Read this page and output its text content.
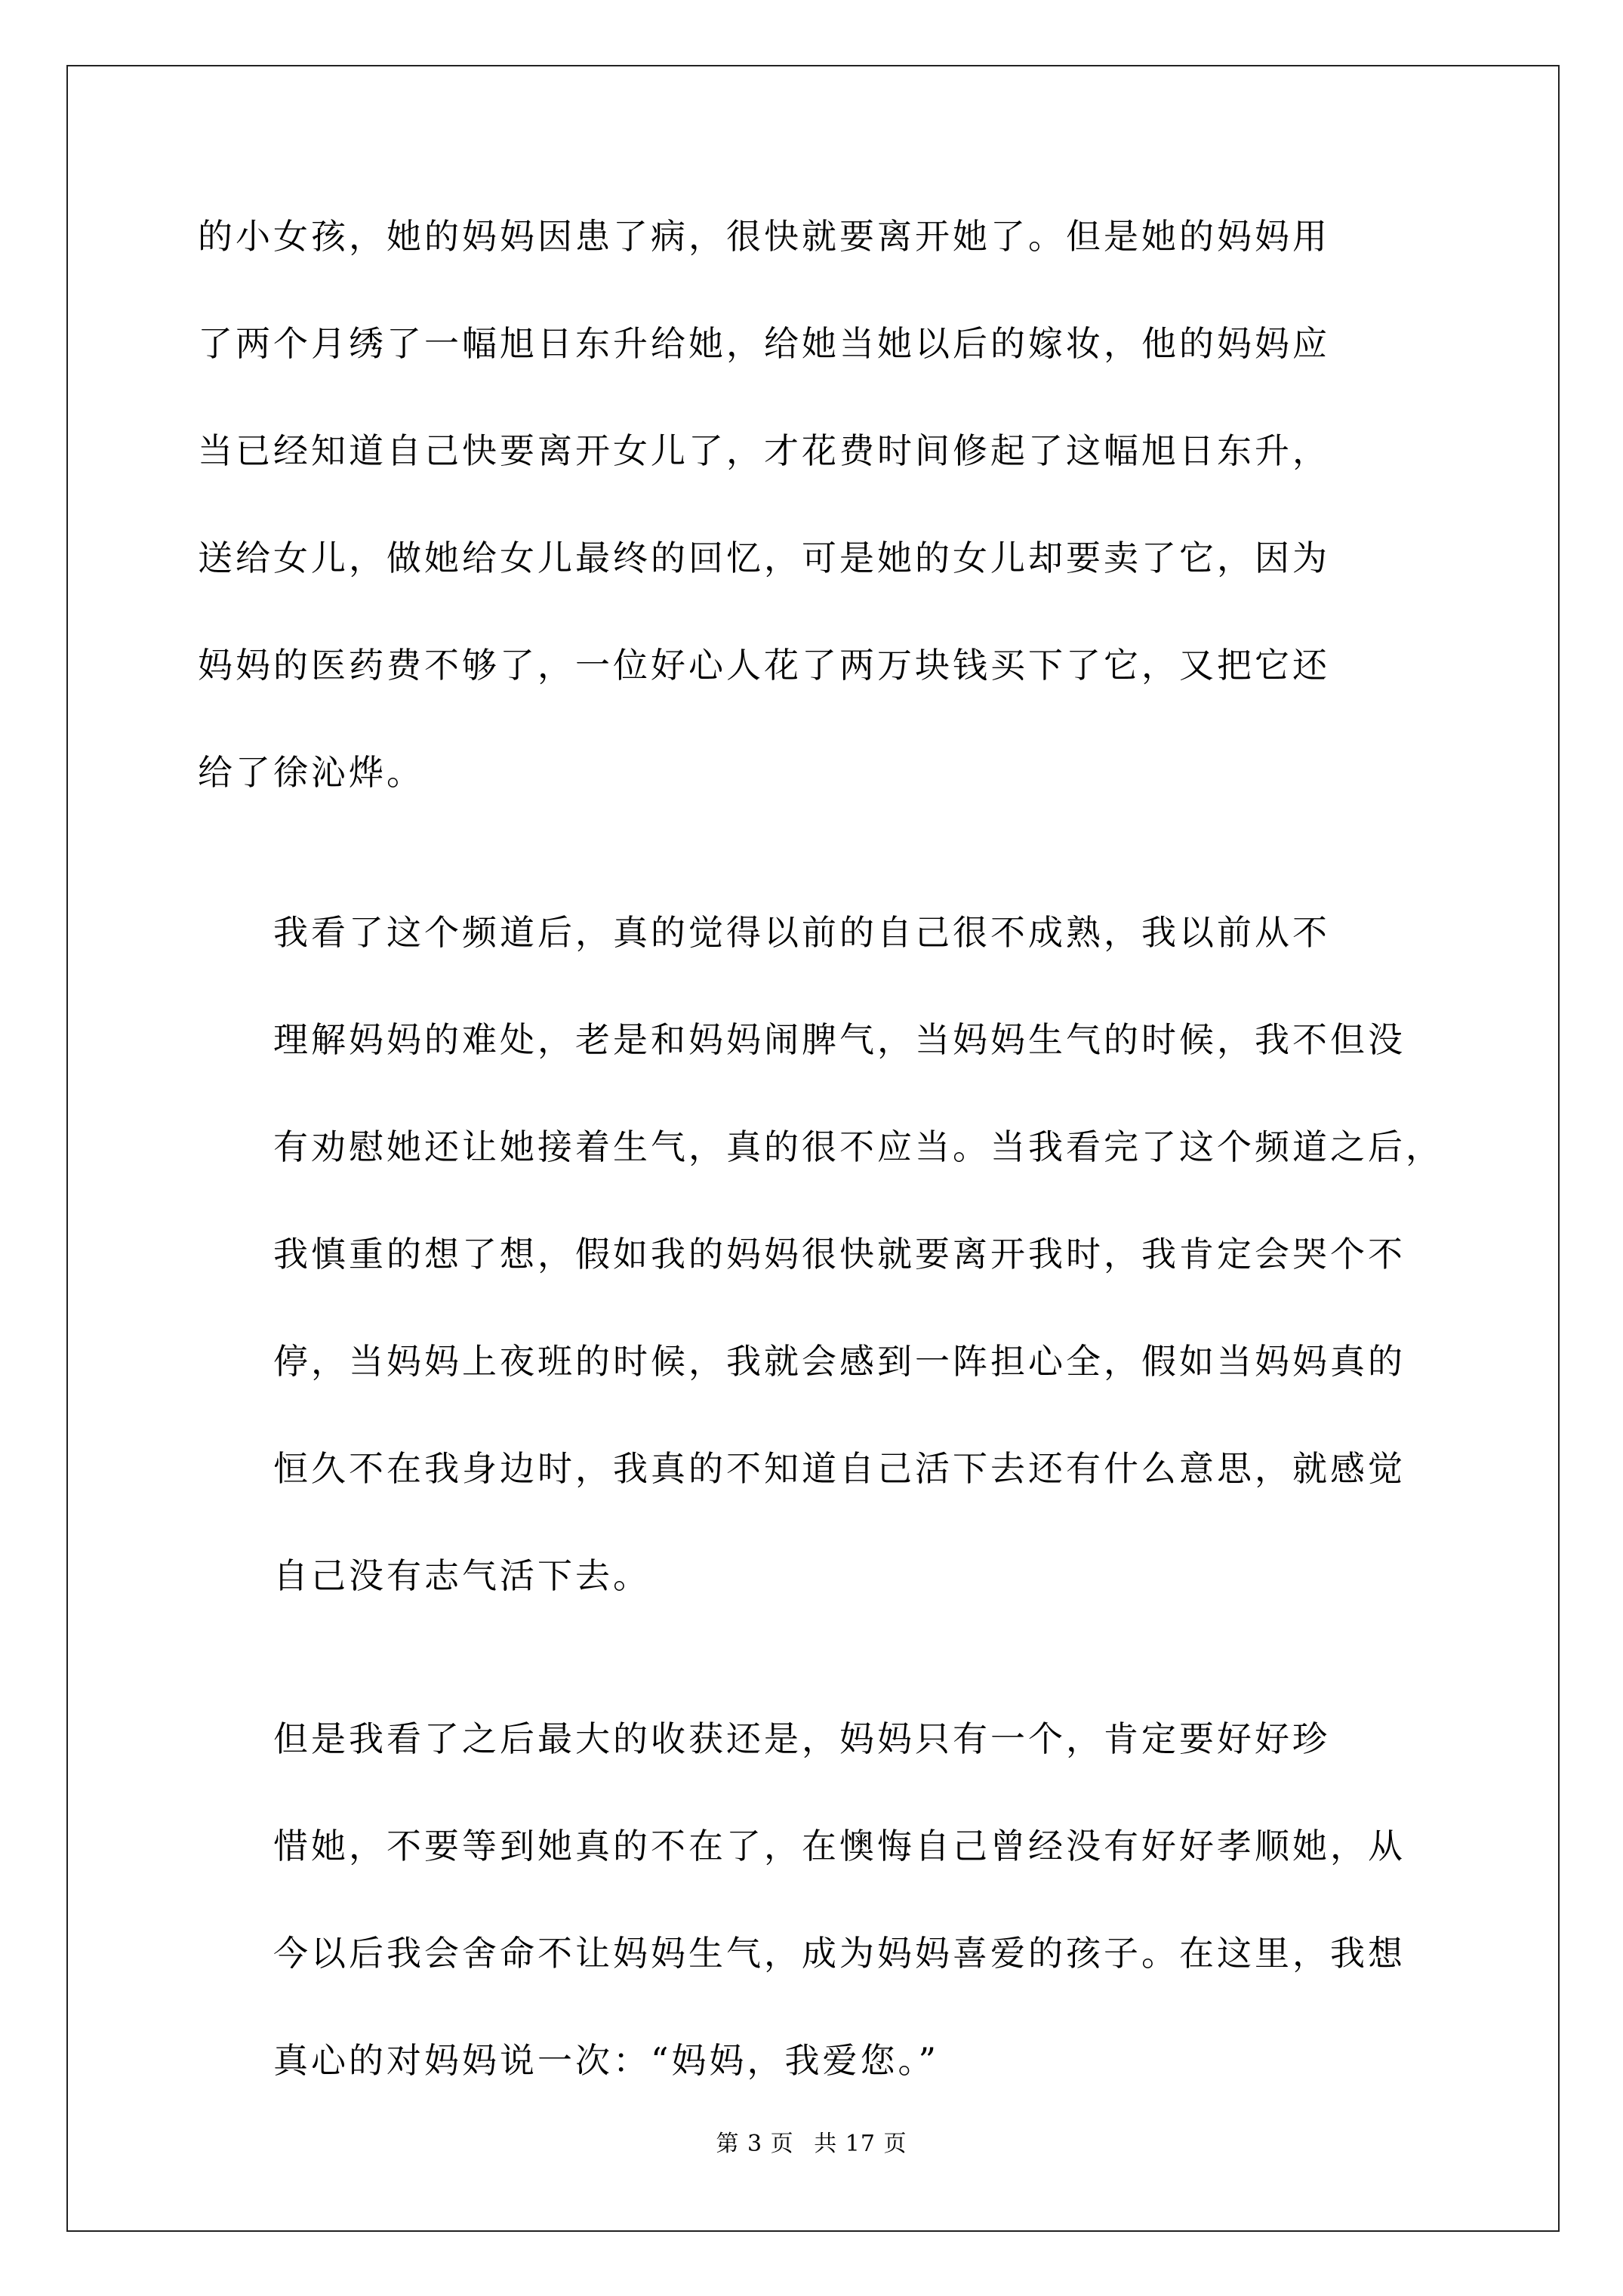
的小女孩，她的妈妈因患了病，很快就要离开她了。但是她的妈妈用
了两个月绣了一幅旭日东升给她，给她当她以后的嫁妆，他的妈妈应
当已经知道自己快要离开女儿了，才花费时间修起了这幅旭日东升，
送给女儿，做她给女儿最终的回忆，可是她的女儿却要卖了它，因为
妈妈的医药费不够了，一位好心人花了两万块钱买下了它，又把它还
给了徐沁烨。
我看了这个频道后，真的觉得以前的自己很不成熟，我以前从不
理解妈妈的难处，老是和妈妈闹脾气，当妈妈生气的时候，我不但没
有劝慰她还让她接着生气，真的很不应当。当我看完了这个频道之后，
我慎重的想了想，假如我的妈妈很快就要离开我时，我肯定会哭个不
停，当妈妈上夜班的时候，我就会感到一阵担心全，假如当妈妈真的
恒久不在我身边时，我真的不知道自己活下去还有什么意思，就感觉
自己没有志气活下去。
但是我看了之后最大的收获还是，妈妈只有一个，肯定要好好珍
惜她，不要等到她真的不在了，在懊悔自己曾经没有好好孝顺她，从
今以后我会舍命不让妈妈生气，成为妈妈喜爱的孩子。在这里，我想
真心的对妈妈说一次：“妈妈，我爱您。”
第 3 页 共 17 页
